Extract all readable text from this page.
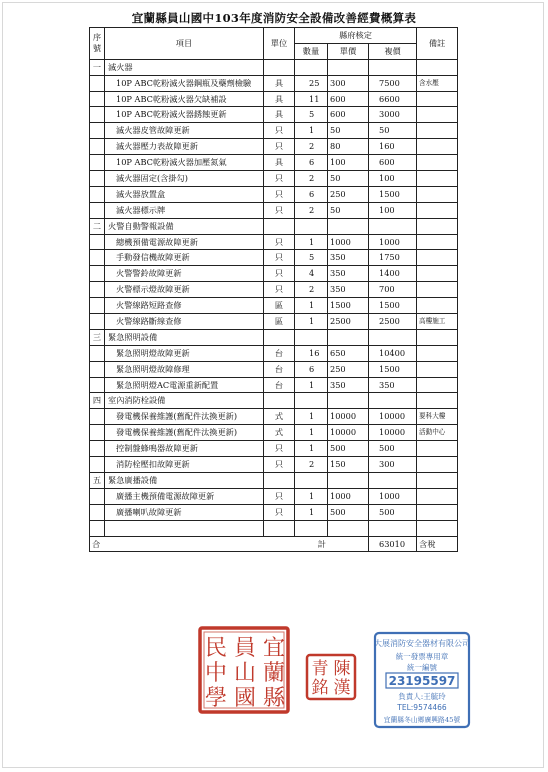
宜蘭縣員山國中103年度消防安全設備改善經費概算表
序
號	項目	單位	縣府核定			備註
			數量	單價	複價	
一	滅火器					
	10P ABC乾粉滅火器鋼瓶及藥劑檢驗	具	25	300	7500	含水壓
	10P ABC乾粉滅火器欠缺補設	具	11	600	6600	
	10P ABC乾粉滅火器銹蝕更新	具	5	600	3000	
	滅火器皮管故障更新	只	1	50	50	
	滅火器壓力表故障更新	只	2	80	160	
	10P ABC乾粉滅火器加壓氮氣	具	6	100	600	
	滅火器固定(含掛勾)	只	2	50	100	
	滅火器放置盒	只	6	250	1500	
	滅火器標示牌	只	2	50	100	
二	火警自動警報設備					
	總機預備電源故障更新	只	1	1000	1000	
	手動發信機故障更新	只	5	350	1750	
	火警警鈴故障更新	只	4	350	1400	
	火警標示燈故障更新	只	2	350	700	
	火警線路短路查修	區	1	1500	1500	
	火警線路斷線查修	區	1	2500	2500	高樓施工
三	緊急照明設備					
	緊急照明燈故障更新	台	16	650	10400	
	緊急照明燈故障修理	台	6	250	1500	
	緊急照明燈AC電源重新配置	台	1	350	350	
四	室內消防栓設備					
	發電機保養維護(舊配件汰換更新)	式	1	10000	10000	要科大樓
	發電機保養維護(舊配件汰換更新)	式	1	10000	10000	活動中心
	控制盤蜂鳴器故障更新	只	1	500	500	
	消防栓壓扣故障更新	只	2	150	300	
五	緊急廣播設備					
	廣播主機預備電源故障更新	只	1	1000	1000	
	廣播喇叭故障更新	只	1	500	500	

合 計					63010	含稅
宜
蘭
縣
員
山
國
民
中
學
陳
漢
青
銘
大展消防安全器材有限公司
統一發票專用章
統一編號
23195597
負責人:王毓玲
TEL:9574466
宜蘭縣冬山鄉廣興路45號
